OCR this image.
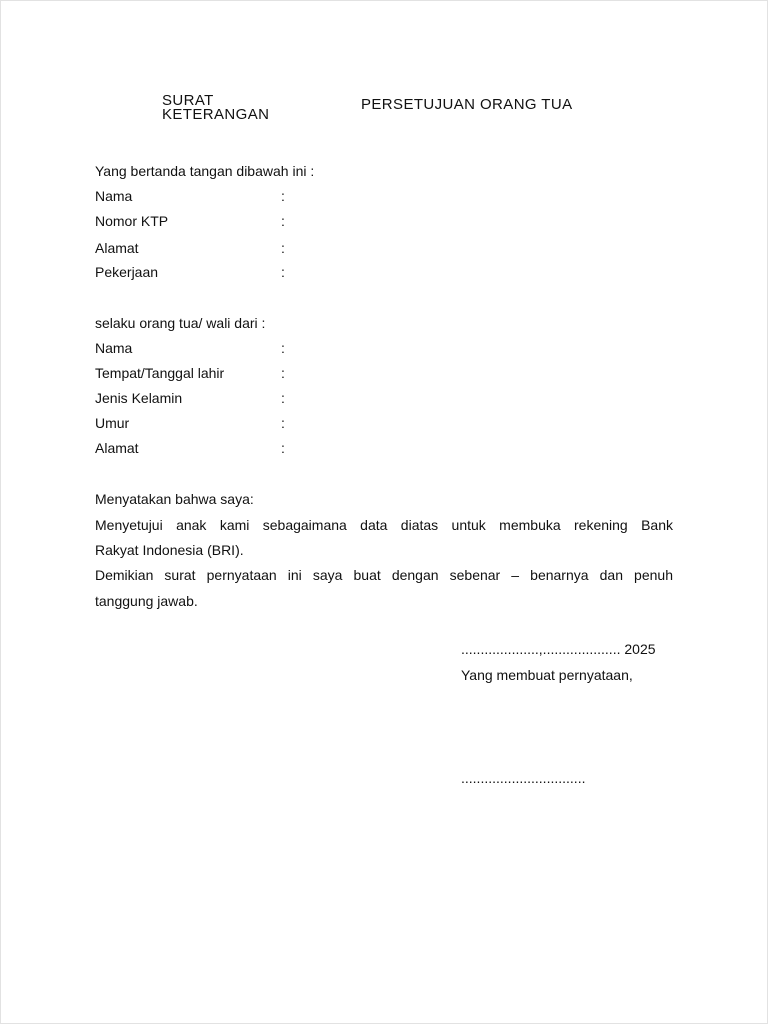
SURAT
KETERANGAN
PERSETUJUAN ORANG TUA
Yang bertanda tangan dibawah ini :
Nama	:
Nomor KTP	:
Alamat	:
Pekerjaan	:
selaku orang tua/ wali dari :
Nama	:
Tempat/Tanggal lahir	:
Jenis Kelamin	:
Umur	:
Alamat	:
Menyatakan bahwa saya:
Menyetujui anak kami sebagaimana data diatas untuk membuka rekening Bank
Rakyat Indonesia (BRI).
Demikian surat pernyataan ini saya buat dengan sebenar – benarnya dan penuh
tanggung jawab.
....................,.................... 2025
Yang membuat pernyataan,
................................
